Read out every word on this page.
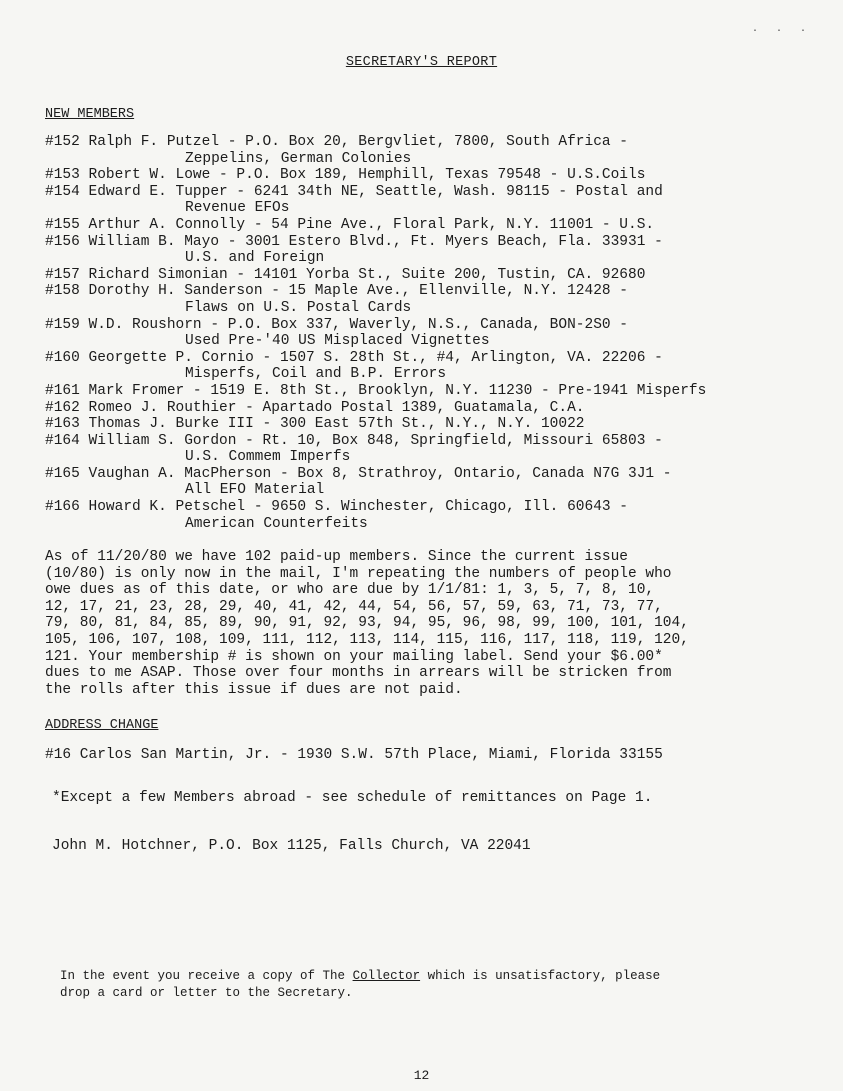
· · ·
SECRETARY'S REPORT
NEW MEMBERS
#152 Ralph F. Putzel - P.O. Box 20, Bergvliet, 7800, South Africa -
Zeppelins, German Colonies
#153 Robert W. Lowe - P.O. Box 189, Hemphill, Texas 79548 - U.S.Coils
#154 Edward E. Tupper - 6241 34th NE, Seattle, Wash. 98115 - Postal and
Revenue EFOs
#155 Arthur A. Connolly - 54 Pine Ave., Floral Park, N.Y. 11001 - U.S.
#156 William B. Mayo - 3001 Estero Blvd., Ft. Myers Beach, Fla. 33931 -
U.S. and Foreign
#157 Richard Simonian - 14101 Yorba St., Suite 200, Tustin, CA. 92680
#158 Dorothy H. Sanderson - 15 Maple Ave., Ellenville, N.Y. 12428 -
Flaws on U.S. Postal Cards
#159 W.D. Roushorn - P.O. Box 337, Waverly, N.S., Canada, BON-2S0 -
Used Pre-'40 US Misplaced Vignettes
#160 Georgette P. Cornio - 1507 S. 28th St., #4, Arlington, VA. 22206 -
Misperfs, Coil and B.P. Errors
#161 Mark Fromer - 1519 E. 8th St., Brooklyn, N.Y. 11230 - Pre-1941 Misperfs
#162 Romeo J. Routhier - Apartado Postal 1389, Guatamala, C.A.
#163 Thomas J. Burke III - 300 East 57th St., N.Y., N.Y. 10022
#164 William S. Gordon - Rt. 10, Box 848, Springfield, Missouri 65803 -
U.S. Commem Imperfs
#165 Vaughan A. MacPherson - Box 8, Strathroy, Ontario, Canada N7G 3J1 -
All EFO Material
#166 Howard K. Petschel - 9650 S. Winchester, Chicago, Ill. 60643 -
American Counterfeits
As of 11/20/80 we have 102 paid-up members. Since the current issue
(10/80) is only now in the mail, I'm repeating the numbers of people who
owe dues as of this date, or who are due by 1/1/81: 1, 3, 5, 7, 8, 10,
12, 17, 21, 23, 28, 29, 40, 41, 42, 44, 54, 56, 57, 59, 63, 71, 73, 77,
79, 80, 81, 84, 85, 89, 90, 91, 92, 93, 94, 95, 96, 98, 99, 100, 101, 104,
105, 106, 107, 108, 109, 111, 112, 113, 114, 115, 116, 117, 118, 119, 120,
121. Your membership # is shown on your mailing label. Send your $6.00*
dues to me ASAP. Those over four months in arrears will be stricken from
the rolls after this issue if dues are not paid.
ADDRESS CHANGE
#16 Carlos San Martin, Jr. - 1930 S.W. 57th Place, Miami, Florida 33155
*Except a few Members abroad - see schedule of remittances on Page 1.
John M. Hotchner, P.O. Box 1125, Falls Church, VA 22041
In the event you receive a copy of The Collector which is unsatisfactory, please
drop a card or letter to the Secretary.
12
